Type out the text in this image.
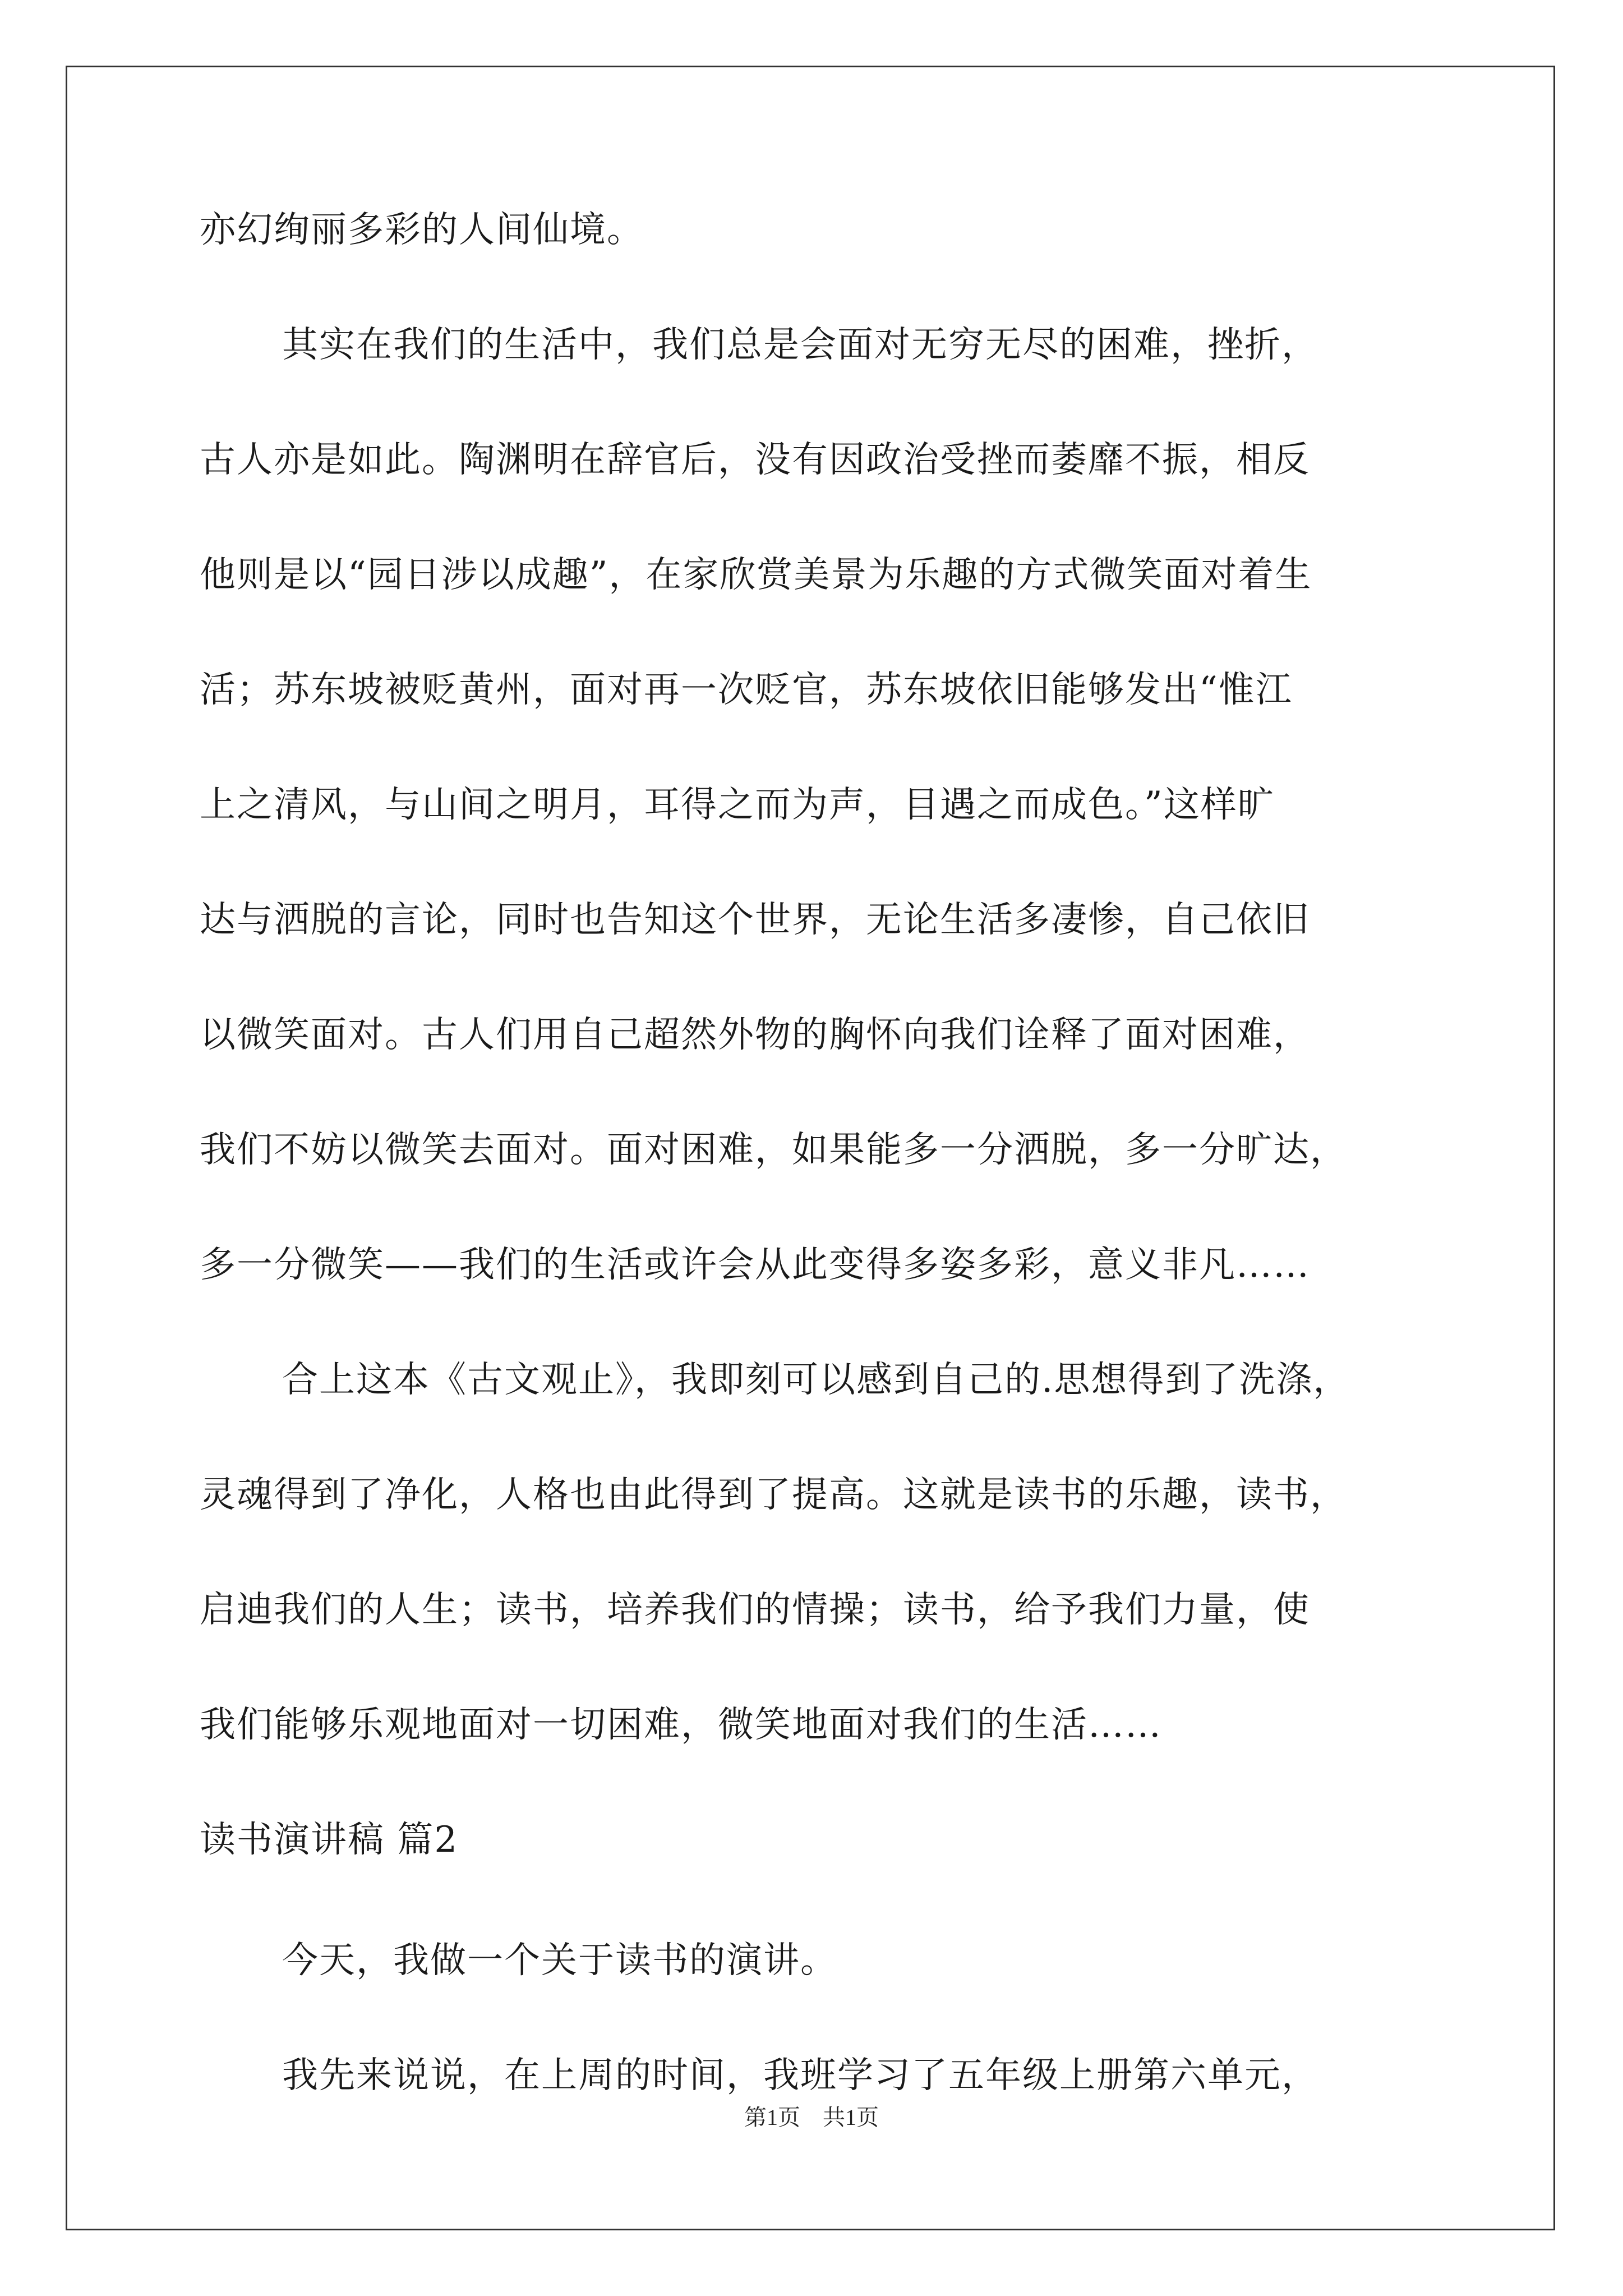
亦幻绚丽多彩的人间仙境。
其实在我们的生活中，我们总是会面对无穷无尽的困难，挫折，
古人亦是如此。陶渊明在辞官后，没有因政治受挫而萎靡不振，相反
他则是以“园日涉以成趣”，在家欣赏美景为乐趣的方式微笑面对着生
活；苏东坡被贬黄州，面对再一次贬官，苏东坡依旧能够发出“惟江
上之清风，与山间之明月，耳得之而为声，目遇之而成色。”这样旷
达与洒脱的言论，同时也告知这个世界，无论生活多凄惨，自己依旧
以微笑面对。古人们用自己超然外物的胸怀向我们诠释了面对困难，
我们不妨以微笑去面对。面对困难，如果能多一分洒脱，多一分旷达，
多一分微笑——我们的生活或许会从此变得多姿多彩，意义非凡……
合上这本《古文观止》，我即刻可以感到自己的.思想得到了洗涤，
灵魂得到了净化，人格也由此得到了提高。这就是读书的乐趣，读书，
启迪我们的人生；读书，培养我们的情操；读书，给予我们力量，使
我们能够乐观地面对一切困难，微笑地面对我们的生活……
读书演讲稿 篇2
今天，我做一个关于读书的演讲。
我先来说说，在上周的时间，我班学习了五年级上册第六单元，
第1页 共1页
